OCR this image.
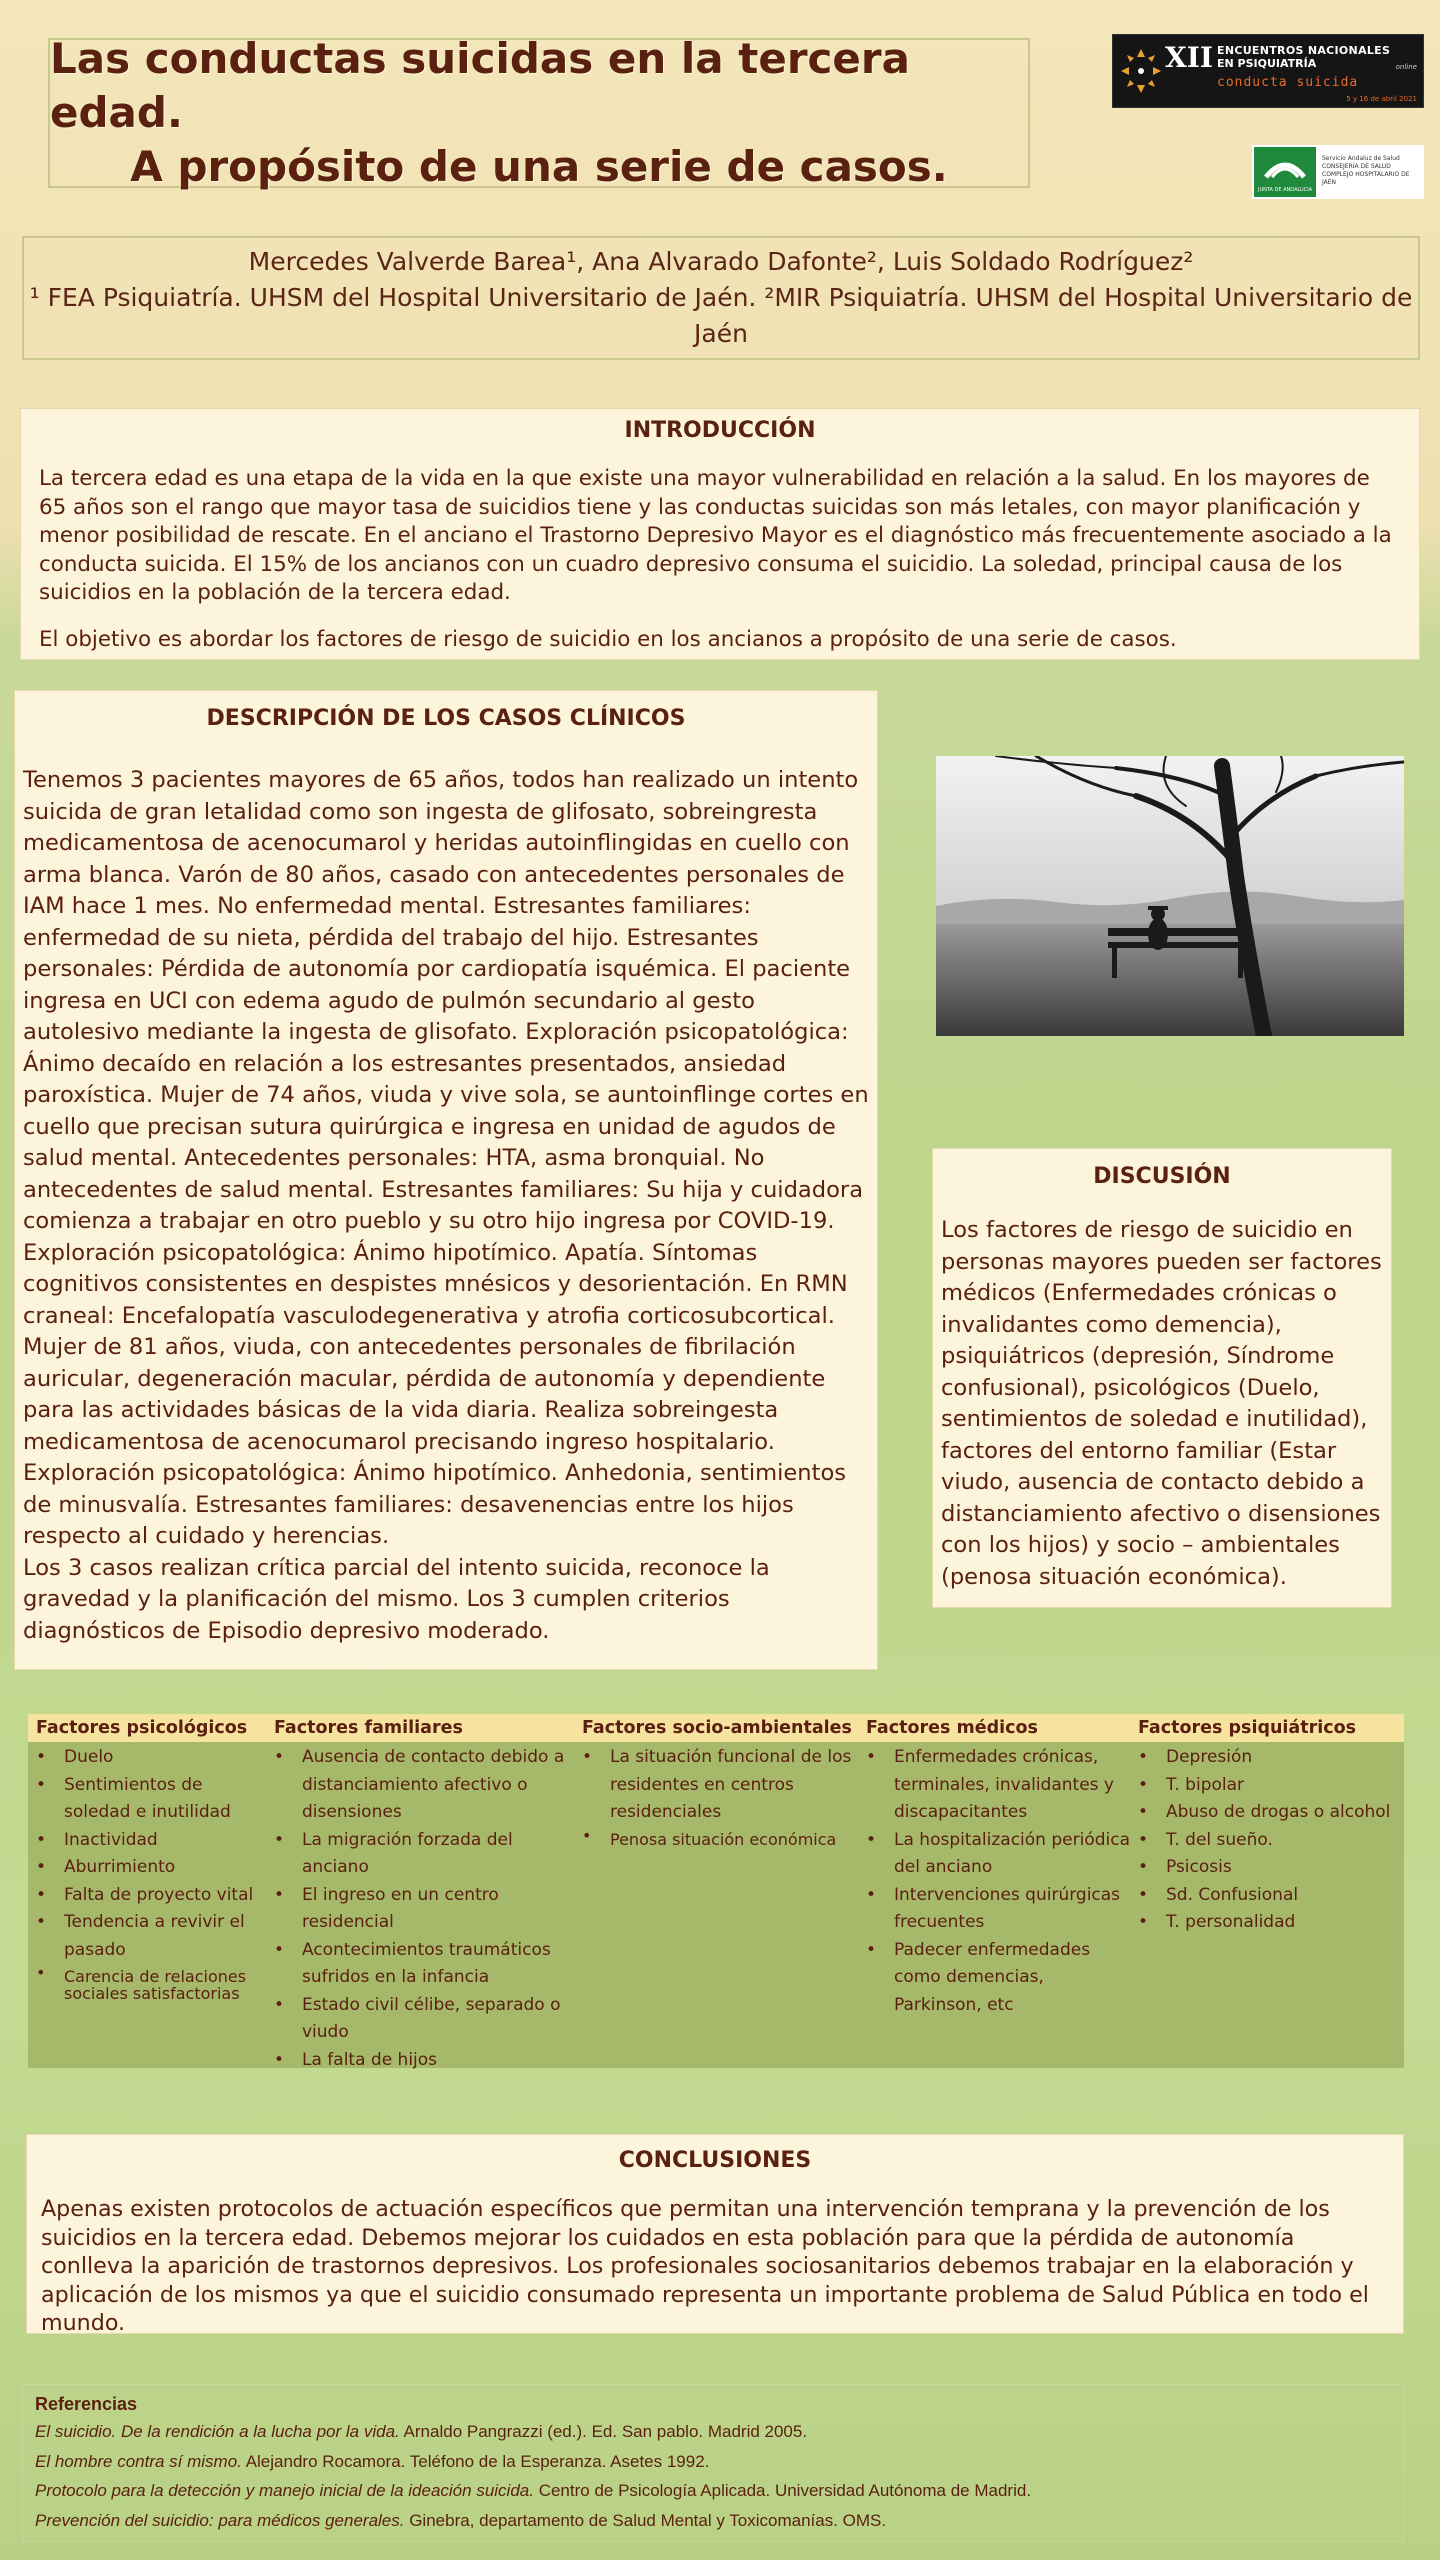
Las conductas suicidas en la tercera edad.
A propósito de una serie de casos.
XII ENCUENTROS NACIONALES
EN PSIQUIATRÍA	online
conducta suicida
5 y 16 de abril 2021
JUNTA DE ANDALUCIA
Servicio Andaluz de Salud
CONSEJERÍA DE SALUD
COMPLEJO HOSPITALARIO DE JAÉN
Mercedes Valverde Barea¹, Ana Alvarado Dafonte², Luis Soldado Rodríguez²
¹ FEA Psiquiatría. UHSM del Hospital Universitario de Jaén. ²MIR Psiquiatría. UHSM del Hospital Universitario de Jaén
INTRODUCCIÓN

La tercera edad es una etapa de la vida en la que existe una mayor vulnerabilidad en relación a la salud. En los mayores de 65 años son el rango que mayor tasa de suicidios tiene y las conductas suicidas son más letales, con mayor planificación y menor posibilidad de rescate. En el anciano el Trastorno Depresivo Mayor es el diagnóstico más frecuentemente asociado a la conducta suicida. El 15% de los ancianos con un cuadro depresivo consuma el suicidio. La soledad, principal causa de los suicidios en la población de la tercera edad.

El objetivo es abordar los factores de riesgo de suicidio en los ancianos a propósito de una serie de casos.

DESCRIPCIÓN DE LOS CASOS CLÍNICOS

Tenemos 3 pacientes mayores de 65 años, todos han realizado un intento suicida de gran letalidad como son ingesta de glifosato, sobreingresta medicamentosa de acenocumarol y heridas autoinflingidas en cuello con arma blanca. Varón de 80 años, casado con antecedentes personales de IAM hace 1 mes. No enfermedad mental. Estresantes familiares: enfermedad de su nieta, pérdida del trabajo del hijo. Estresantes personales: Pérdida de autonomía por cardiopatía isquémica. El paciente ingresa en UCI con edema agudo de pulmón secundario al gesto autolesivo mediante la ingesta de glisofato. Exploración psicopatológica: Ánimo decaído en relación a los estresantes presentados, ansiedad paroxística. Mujer de 74 años, viuda y vive sola, se auntoinflinge cortes en cuello que precisan sutura quirúrgica e ingresa en unidad de agudos de salud mental. Antecedentes personales: HTA, asma bronquial. No antecedentes de salud mental. Estresantes familiares: Su hija y cuidadora comienza a trabajar en otro pueblo y su otro hijo ingresa por COVID-19. Exploración psicopatológica: Ánimo hipotímico. Apatía. Síntomas cognitivos consistentes en despistes mnésicos y desorientación. En RMN craneal: Encefalopatía vasculodegenerativa y atrofia corticosubcortical. Mujer de 81 años, viuda, con antecedentes personales de fibrilación auricular, degeneración macular, pérdida de autonomía y dependiente para las actividades básicas de la vida diaria. Realiza sobreingesta medicamentosa de acenocumarol precisando ingreso hospitalario. Exploración psicopatológica: Ánimo hipotímico. Anhedonia, sentimientos de minusvalía. Estresantes familiares: desavenencias entre los hijos respecto al cuidado y herencias.

Los 3 casos realizan crítica parcial del intento suicida, reconoce la gravedad y la planificación del mismo. Los 3 cumplen criterios diagnósticos de Episodio depresivo moderado.

DISCUSIÓN

Los factores de riesgo de suicidio en personas mayores pueden ser factores médicos (Enfermedades crónicas o invalidantes como demencia), psiquiátricos (depresión, Síndrome confusional), psicológicos (Duelo, sentimientos de soledad e inutilidad), factores del entorno familiar (Estar viudo, ausencia de contacto debido a distanciamiento afectivo o disensiones con los hijos) y socio – ambientales (penosa situación económica).

Factores psicológicos
• Duelo
• Sentimientos de soledad e inutilidad
• Inactividad
• Aburrimiento
• Falta de proyecto vital
• Tendencia a revivir el pasado
• Carencia de relaciones sociales satisfactorias
Factores familiares
• Ausencia de contacto debido a distanciamiento afectivo o disensiones
• La migración forzada del anciano
• El ingreso en un centro residencial
• Acontecimientos traumáticos sufridos en la infancia
• Estado civil célibe, separado o viudo
• La falta de hijos
Factores socio-ambientales
• La situación funcional de los residentes en centros residenciales
• Penosa situación económica
Factores médicos
• Enfermedades crónicas, terminales, invalidantes y discapacitantes
• La hospitalización periódica del anciano
• Intervenciones quirúrgicas frecuentes
• Padecer enfermedades como demencias, Parkinson, etc
Factores psiquiátricos
• Depresión
• T. bipolar
• Abuso de drogas o alcohol
• T. del sueño.
• Psicosis
• Sd. Confusional
• T. personalidad
CONCLUSIONES

Apenas existen protocolos de actuación específicos que permitan una intervención temprana y la prevención de los suicidios en la tercera edad. Debemos mejorar los cuidados en esta población para que la pérdida de autonomía conlleva la aparición de trastornos depresivos. Los profesionales sociosanitarios debemos trabajar en la elaboración y aplicación de los mismos ya que el suicidio consumado representa un importante problema de Salud Pública en todo el mundo.

Referencias
El suicidio. De la rendición a la lucha por la vida. Arnaldo Pangrazzi (ed.). Ed. San pablo. Madrid 2005.
El hombre contra sí mismo. Alejandro Rocamora. Teléfono de la Esperanza. Asetes 1992.
Protocolo para la detección y manejo inicial de la ideación suicida. Centro de Psicología Aplicada. Universidad Autónoma de Madrid.
Prevención del suicidio: para médicos generales. Ginebra, departamento de Salud Mental y Toxicomanías. OMS.
